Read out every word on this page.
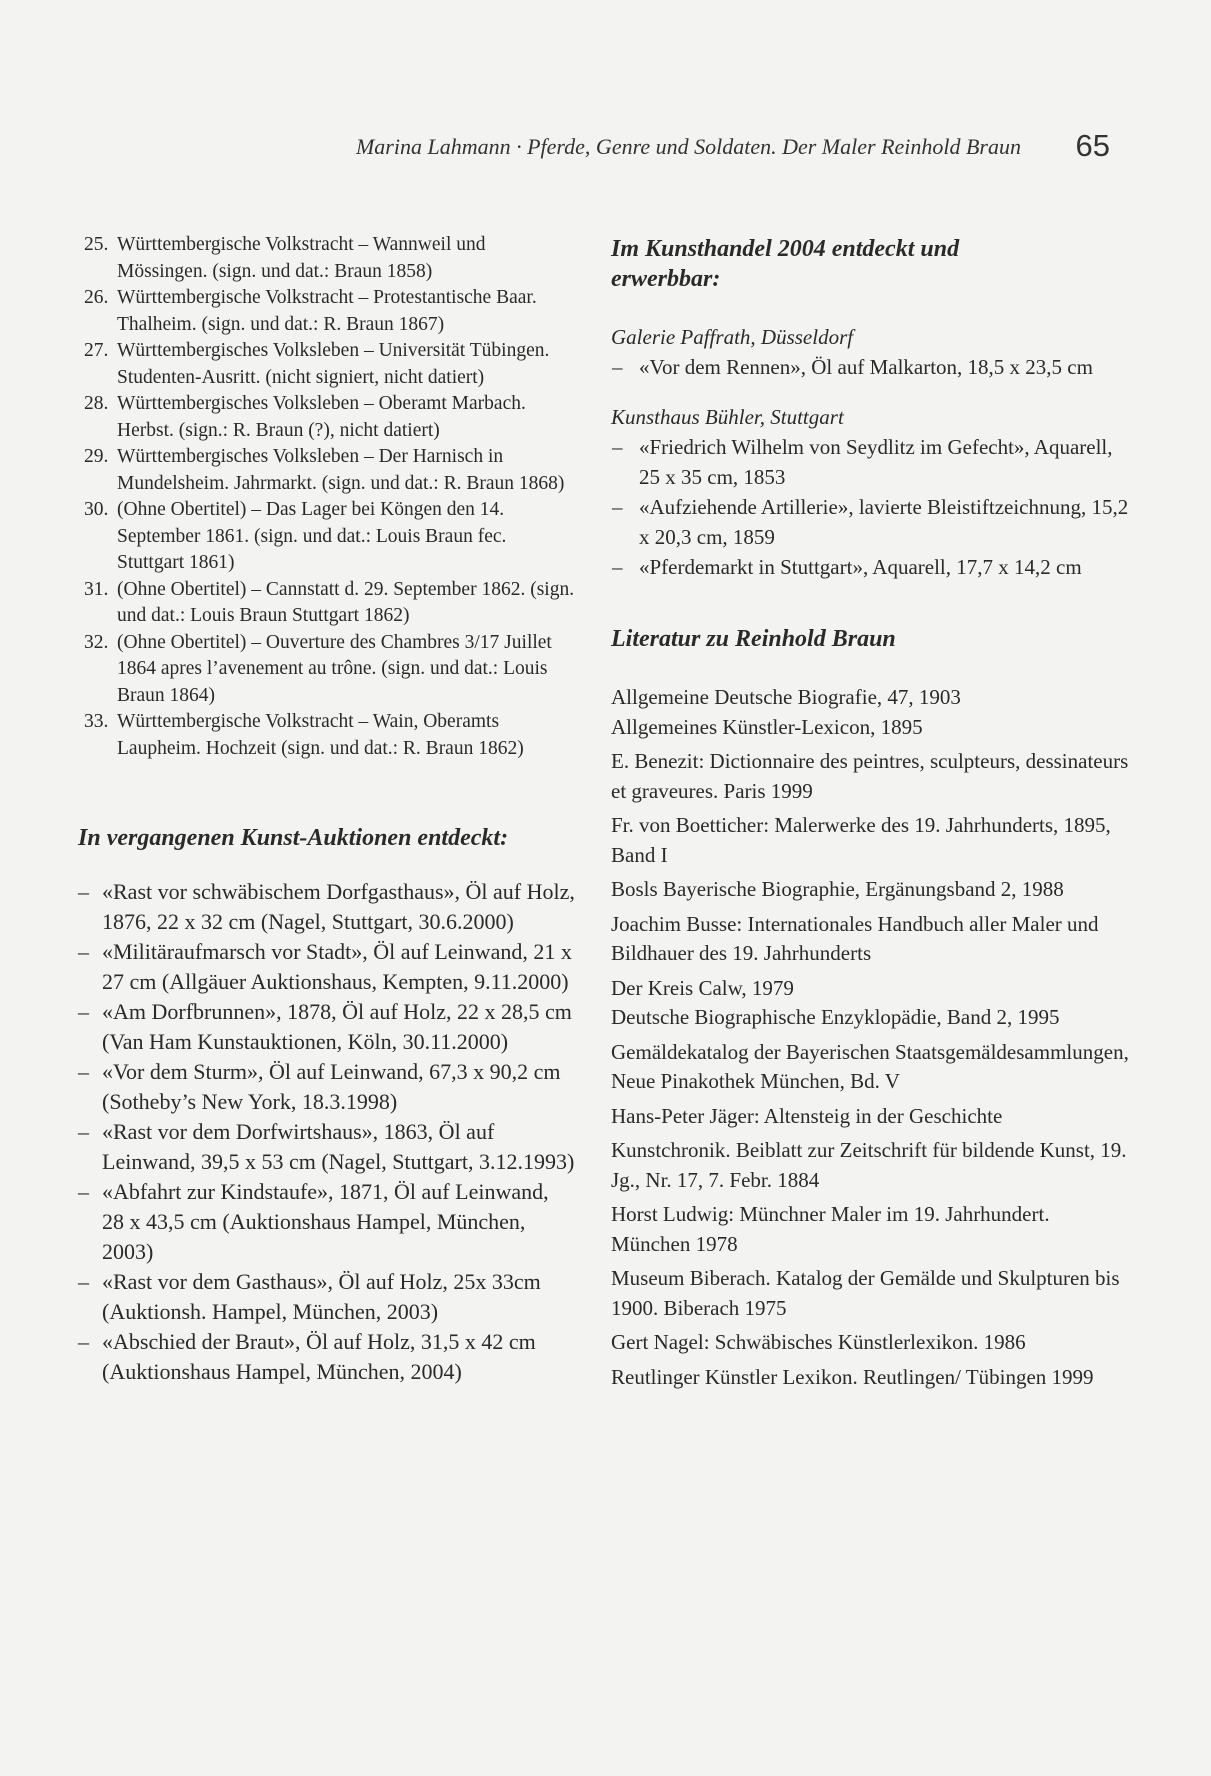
Marina Lahmann · Pferde, Genre und Soldaten. Der Maler Reinhold Braun 65
25. Württembergische Volkstracht – Wannweil und Mössingen. (sign. und dat.: Braun 1858)
26. Württembergische Volkstracht – Protestantische Baar. Thalheim. (sign. und dat.: R. Braun 1867)
27. Württembergisches Volksleben – Universität Tübingen. Studenten-Ausritt. (nicht signiert, nicht datiert)
28. Württembergisches Volksleben – Oberamt Marbach. Herbst. (sign.: R. Braun (?), nicht datiert)
29. Württembergisches Volksleben – Der Harnisch in Mundelsheim. Jahrmarkt. (sign. und dat.: R. Braun 1868)
30. (Ohne Obertitel) – Das Lager bei Köngen den 14. September 1861. (sign. und dat.: Louis Braun fec. Stuttgart 1861)
31. (Ohne Obertitel) – Cannstatt d. 29. September 1862. (sign. und dat.: Louis Braun Stuttgart 1862)
32. (Ohne Obertitel) – Ouverture des Chambres 3/17 Juillet 1864 apres l’avenement au trône. (sign. und dat.: Louis Braun 1864)
33. Württembergische Volkstracht – Wain, Oberamts Laupheim. Hochzeit (sign. und dat.: R. Braun 1862)
In vergangenen Kunst-Auktionen entdeckt:
– «Rast vor schwäbischem Dorfgasthaus», Öl auf Holz, 1876, 22 x 32 cm (Nagel, Stuttgart, 30.6.2000)
– «Militäraufmarsch vor Stadt», Öl auf Leinwand, 21 x 27 cm (Allgäuer Auktionshaus, Kempten, 9.11.2000)
– «Am Dorfbrunnen», 1878, Öl auf Holz, 22 x 28,5 cm (Van Ham Kunstauktionen, Köln, 30.11.2000)
– «Vor dem Sturm», Öl auf Leinwand, 67,3 x 90,2 cm (Sotheby’s New York, 18.3.1998)
– «Rast vor dem Dorfwirtshaus», 1863, Öl auf Leinwand, 39,5 x 53 cm (Nagel, Stuttgart, 3.12.1993)
– «Abfahrt zur Kindstaufe», 1871, Öl auf Leinwand, 28 x 43,5 cm (Auktionshaus Hampel, München, 2003)
– «Rast vor dem Gasthaus», Öl auf Holz, 25x 33cm (Auktionsh. Hampel, München, 2003)
– «Abschied der Braut», Öl auf Holz, 31,5 x 42 cm (Auktionshaus Hampel, München, 2004)
Im Kunsthandel 2004 entdeckt und erwerbbar:
Galerie Paffrath, Düsseldorf
– «Vor dem Rennen», Öl auf Malkarton, 18,5 x 23,5 cm
Kunsthaus Bühler, Stuttgart
– «Friedrich Wilhelm von Seydlitz im Gefecht», Aquarell, 25 x 35 cm, 1853
– «Aufziehende Artillerie», lavierte Bleistiftzeichnung, 15,2 x 20,3 cm, 1859
– «Pferdemarkt in Stuttgart», Aquarell, 17,7 x 14,2 cm
Literatur zu Reinhold Braun
Allgemeine Deutsche Biografie, 47, 1903
Allgemeines Künstler-Lexicon, 1895
E. Benezit: Dictionnaire des peintres, sculpteurs, dessinateurs et graveures. Paris 1999
Fr. von Boetticher: Malerwerke des 19. Jahrhunderts, 1895, Band I
Bosls Bayerische Biographie, Ergänungsband 2, 1988
Joachim Busse: Internationales Handbuch aller Maler und Bildhauer des 19. Jahrhunderts
Der Kreis Calw, 1979
Deutsche Biographische Enzyklopädie, Band 2, 1995
Gemäldekatalog der Bayerischen Staatsgemäldesammlungen, Neue Pinakothek München, Bd. V
Hans-Peter Jäger: Altensteig in der Geschichte
Kunstchronik. Beiblatt zur Zeitschrift für bildende Kunst, 19. Jg., Nr. 17, 7. Febr. 1884
Horst Ludwig: Münchner Maler im 19. Jahrhundert. München 1978
Museum Biberach. Katalog der Gemälde und Skulpturen bis 1900. Biberach 1975
Gert Nagel: Schwäbisches Künstlerlexikon. 1986
Reutlinger Künstler Lexikon. Reutlingen/ Tübingen 1999
